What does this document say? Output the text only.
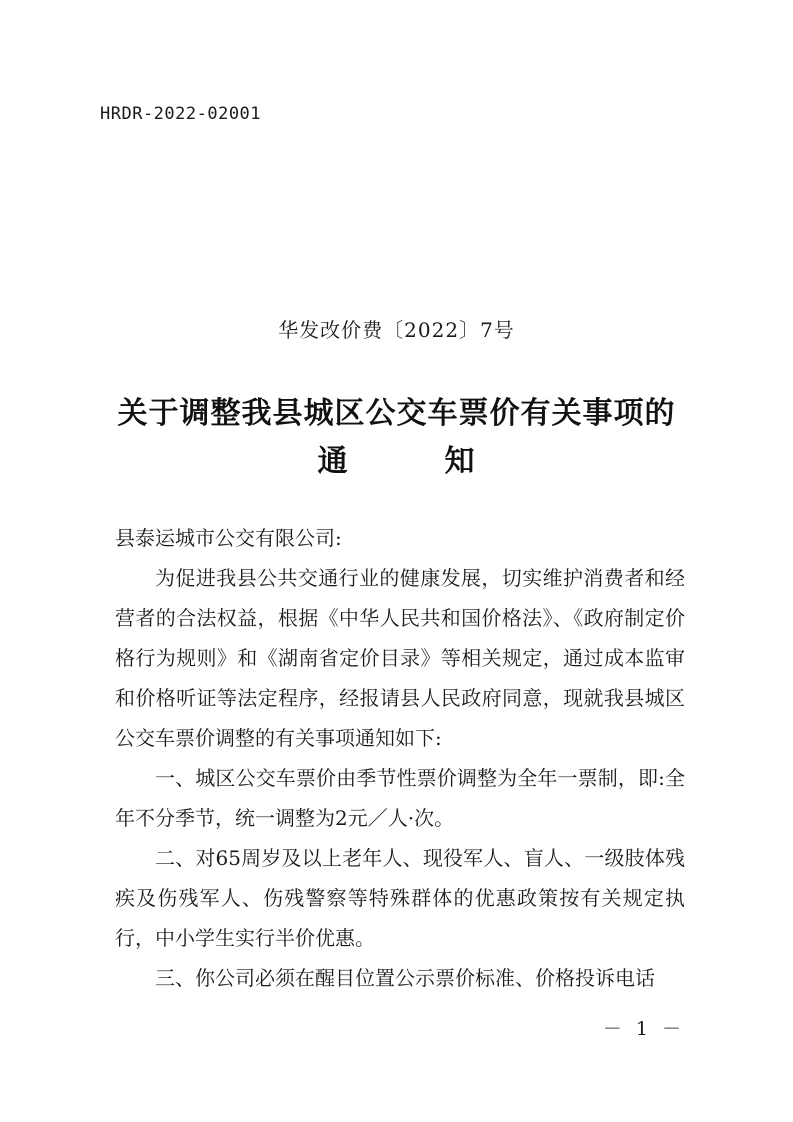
HRDR-2022-02001
华发改价费〔2022〕7号
关于调整我县城区公交车票价有关事项的
通	知
县泰运城市公交有限公司:
为促进我县公共交通行业的健康发展，切实维护消费者和经营者的合法权益，根据《中华人民共和国价格法》、《政府制定价格行为规则》和《湖南省定价目录》等相关规定，通过成本监审和价格听证等法定程序，经报请县人民政府同意，现就我县城区公交车票价调整的有关事项通知如下:
一、城区公交车票价由季节性票价调整为全年一票制，即:全年不分季节，统一调整为2元／人·次。
二、对65周岁及以上老年人、现役军人、盲人、一级肢体残疾及伤残军人、伤残警察等特殊群体的优惠政策按有关规定执行，中小学生实行半价优惠。
三、你公司必须在醒目位置公示票价标准、价格投诉电话
－ 1 －
